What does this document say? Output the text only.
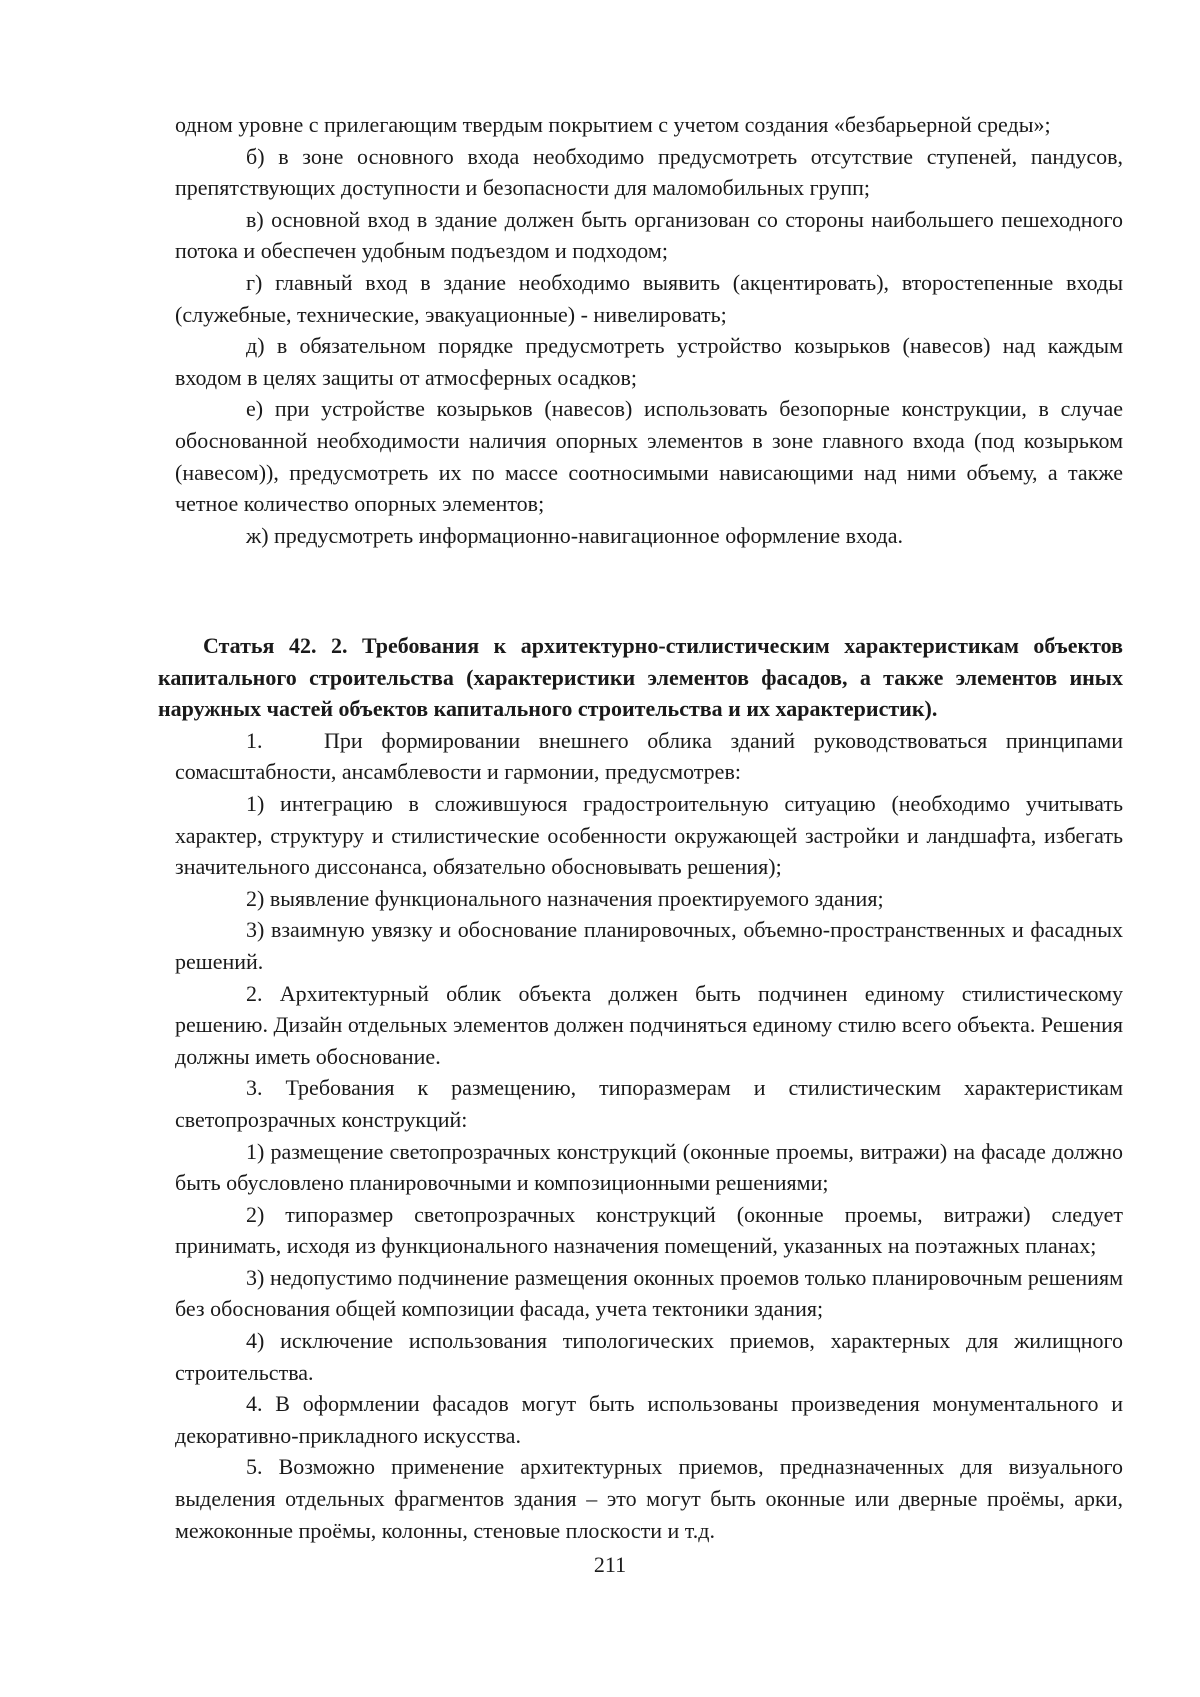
одном уровне с прилегающим твердым покрытием с учетом создания «безбарьерной среды»;

б) в зоне основного входа необходимо предусмотреть отсутствие ступеней, пандусов, препятствующих доступности и безопасности для маломобильных групп;

в) основной вход в здание должен быть организован со стороны наибольшего пешеходного потока и обеспечен удобным подъездом и подходом;

г) главный вход в здание необходимо выявить (акцентировать), второстепенные входы (служебные, технические, эвакуационные) - нивелировать;

д) в обязательном порядке предусмотреть устройство козырьков (навесов) над каждым входом в целях защиты от атмосферных осадков;

е) при устройстве козырьков (навесов) использовать безопорные конструкции, в случае обоснованной необходимости наличия опорных элементов в зоне главного входа (под козырьком (навесом)), предусмотреть их по массе соотносимыми нависающими над ними объему, а также четное количество опорных элементов;

ж) предусмотреть информационно-навигационное оформление входа.

Статья 42. 2. Требования к архитектурно-стилистическим характеристикам объектов капитального строительства (характеристики элементов фасадов, а также элементов иных наружных частей объектов капитального строительства и их характеристик).

1.	При формировании внешнего облика зданий руководствоваться принципами сомасштабности, ансамблевости и гармонии, предусмотрев:

1) интеграцию в сложившуюся градостроительную ситуацию (необходимо учитывать характер, структуру и стилистические особенности окружающей застройки и ландшафта, избегать значительного диссонанса, обязательно обосновывать решения);

2) выявление функционального назначения проектируемого здания;

3) взаимную увязку и обоснование планировочных, объемно-пространственных и фасадных решений.

2. Архитектурный облик объекта должен быть подчинен единому стилистическому решению. Дизайн отдельных элементов должен подчиняться единому стилю всего объекта. Решения должны иметь обоснование.

3. Требования к размещению, типоразмерам и стилистическим характеристикам светопрозрачных конструкций:

1) размещение светопрозрачных конструкций (оконные проемы, витражи) на фасаде должно быть обусловлено планировочными и композиционными решениями;

2) типоразмер светопрозрачных конструкций (оконные проемы, витражи) следует принимать, исходя из функционального назначения помещений, указанных на поэтажных планах;

3) недопустимо подчинение размещения оконных проемов только планировочным решениям без обоснования общей композиции фасада, учета тектоники здания;

4) исключение использования типологических приемов, характерных для жилищного строительства.

4. В оформлении фасадов могут быть использованы произведения монументального и декоративно-прикладного искусства.

5. Возможно применение архитектурных приемов, предназначенных для визуального выделения отдельных фрагментов здания – это могут быть оконные или дверные проёмы, арки, межоконные проёмы, колонны, стеновые плоскости и т.д.

211
